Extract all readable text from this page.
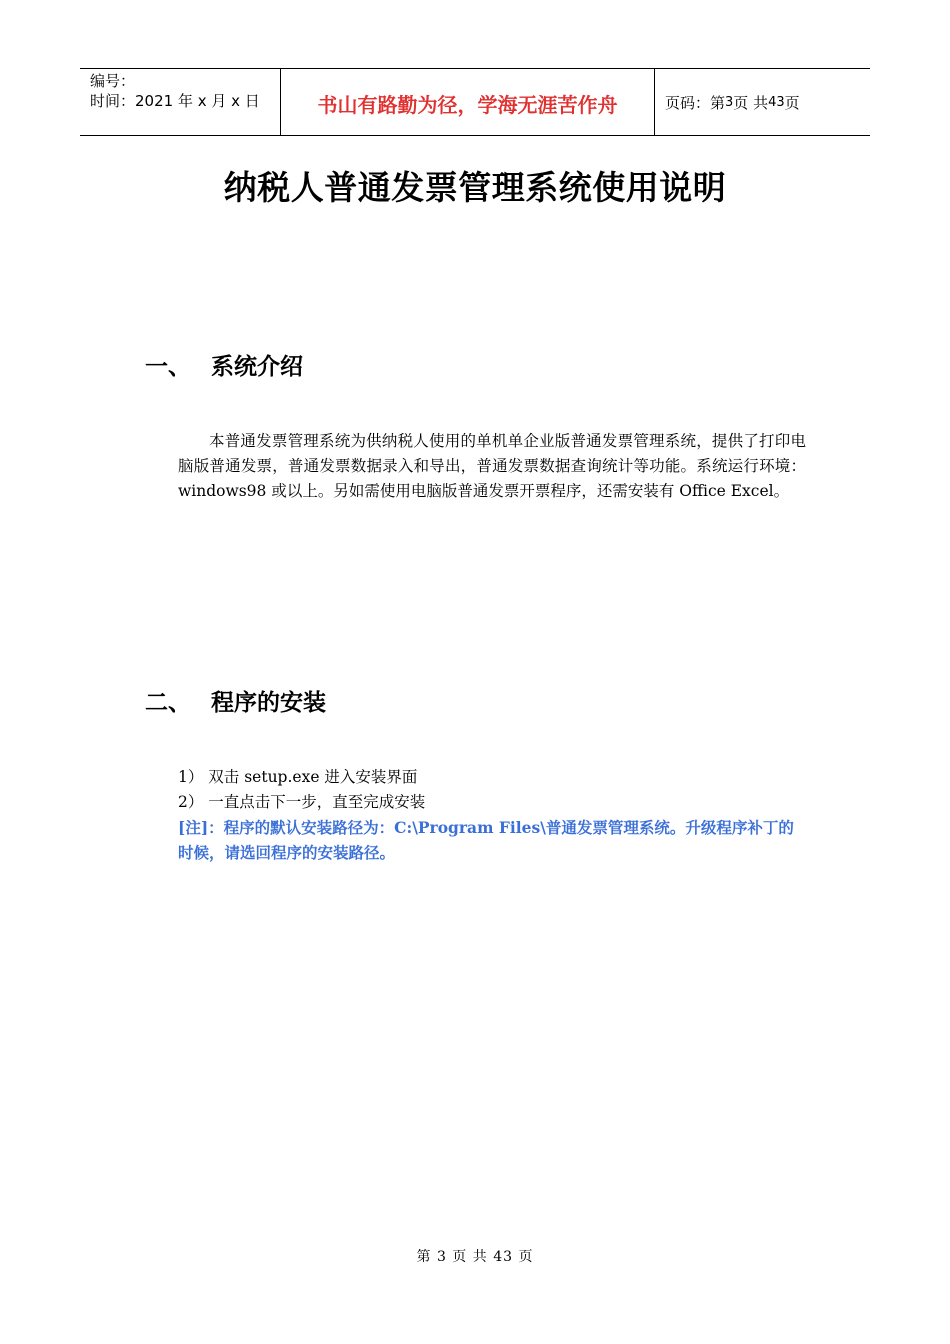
编号：
时间：2021 年 x 月 x 日	书山有路勤为径，学海无涯苦作舟	页码：第 3 页 共 43 页
纳税人普通发票管理系统使用说明
一、 系统介绍
本普通发票管理系统为供纳税人使用的单机单企业版普通发票管理系统，提供了打印电脑版普通发票，普通发票数据录入和导出，普通发票数据查询统计等功能。系统运行环境：windows98 或以上。另如需使用电脑版普通发票开票程序，还需安装有 Office Excel。
二、 程序的安装
1） 双击 setup.exe 进入安装界面
2） 一直点击下一步，直至完成安装
[注]：程序的默认安装路径为：C:\Program Files\普通发票管理系统。升级程序补丁的时候，请选回程序的安装路径。
第 3 页 共 43 页
